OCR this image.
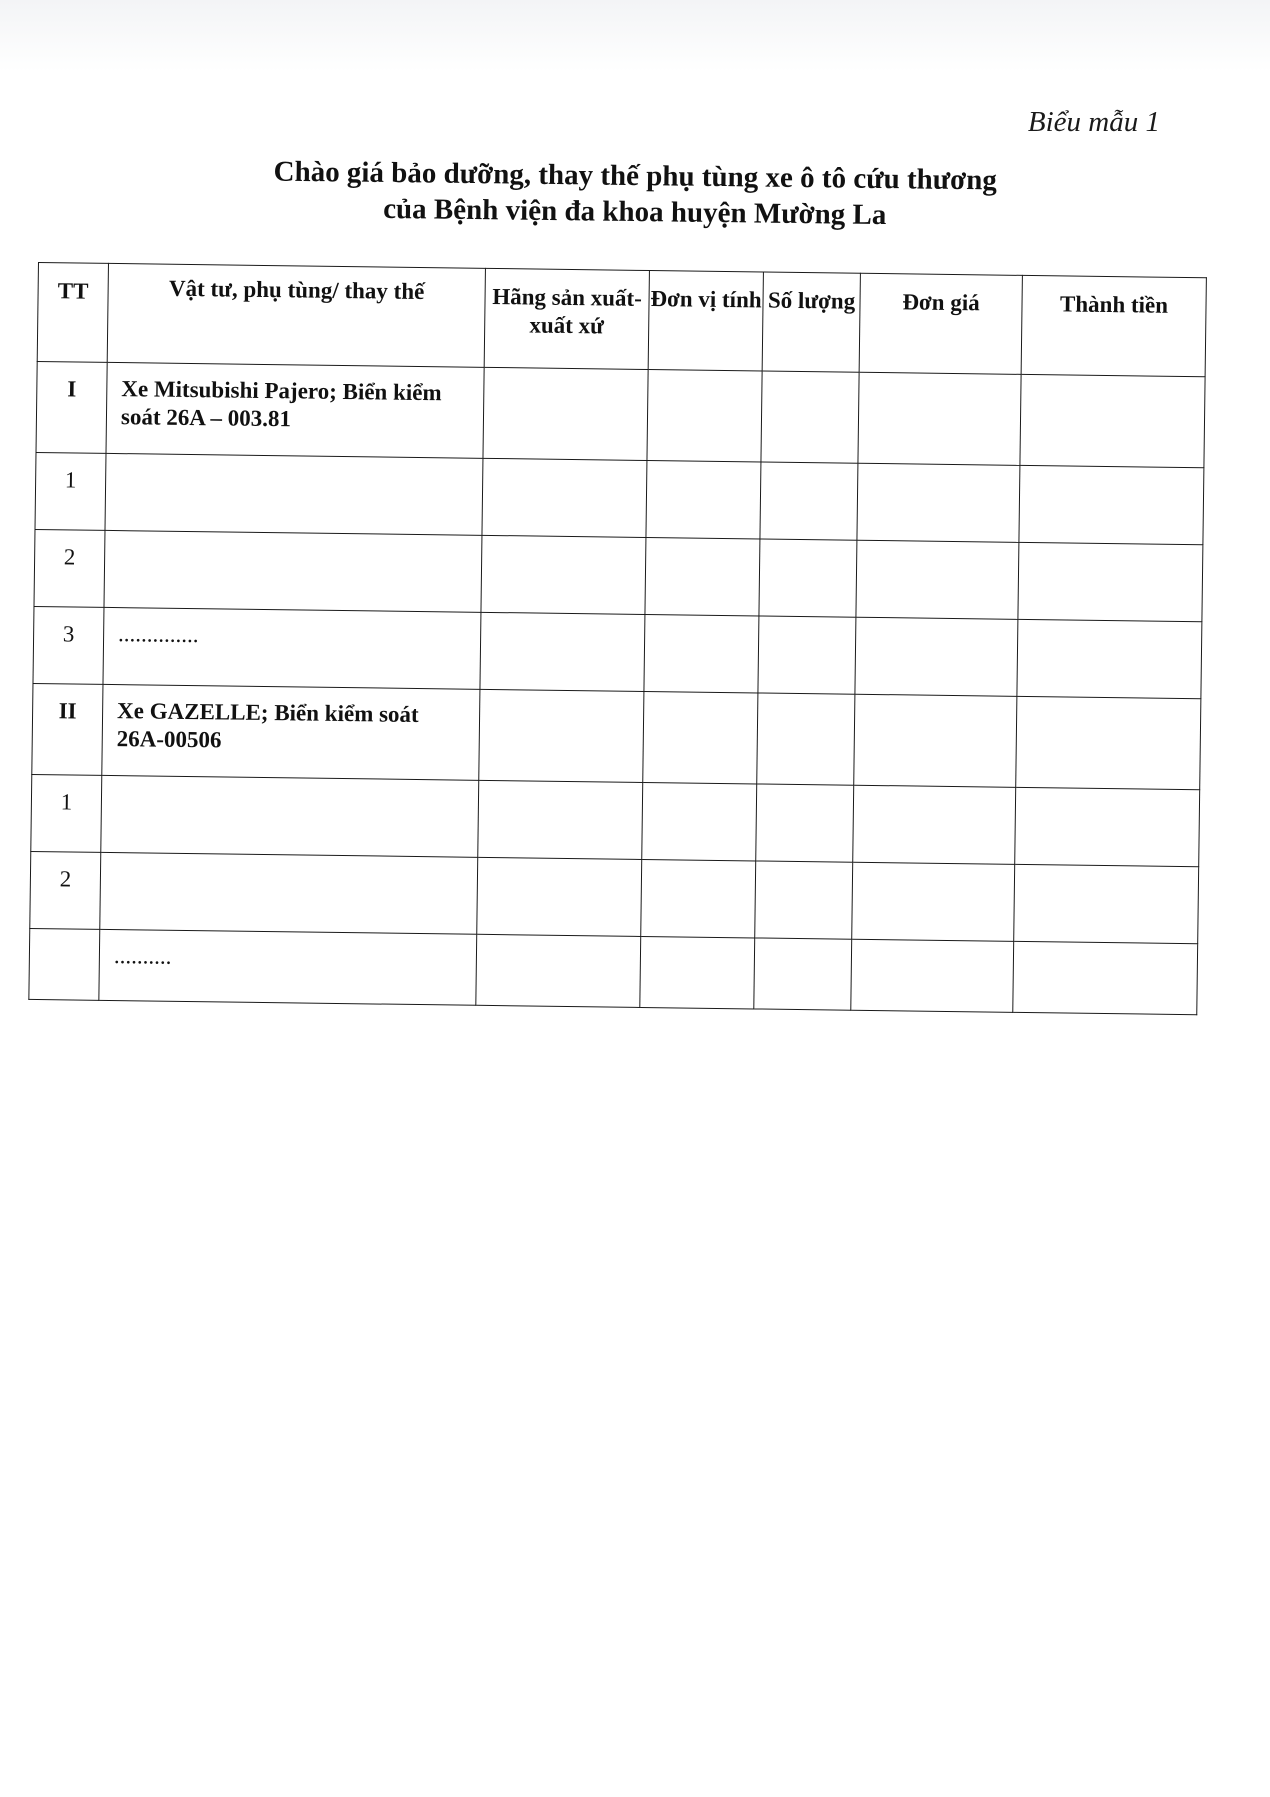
Biểu mẫu 1
Chào giá bảo dưỡng, thay thế phụ tùng xe ô tô cứu thương
của Bệnh viện đa khoa huyện Mường La
TT	Vật tư, phụ tùng/ thay thế	Hãng sản xuất- xuất xứ	Đơn vị tính	Số lượng	Đơn giá	Thành tiền
I	Xe Mitsubishi Pajero; Biển kiểm soát 26A – 003.81					
1						
2						
3	..............					
II	Xe GAZELLE; Biển kiểm soát 26A-00506					
1						
2						
	..........					
